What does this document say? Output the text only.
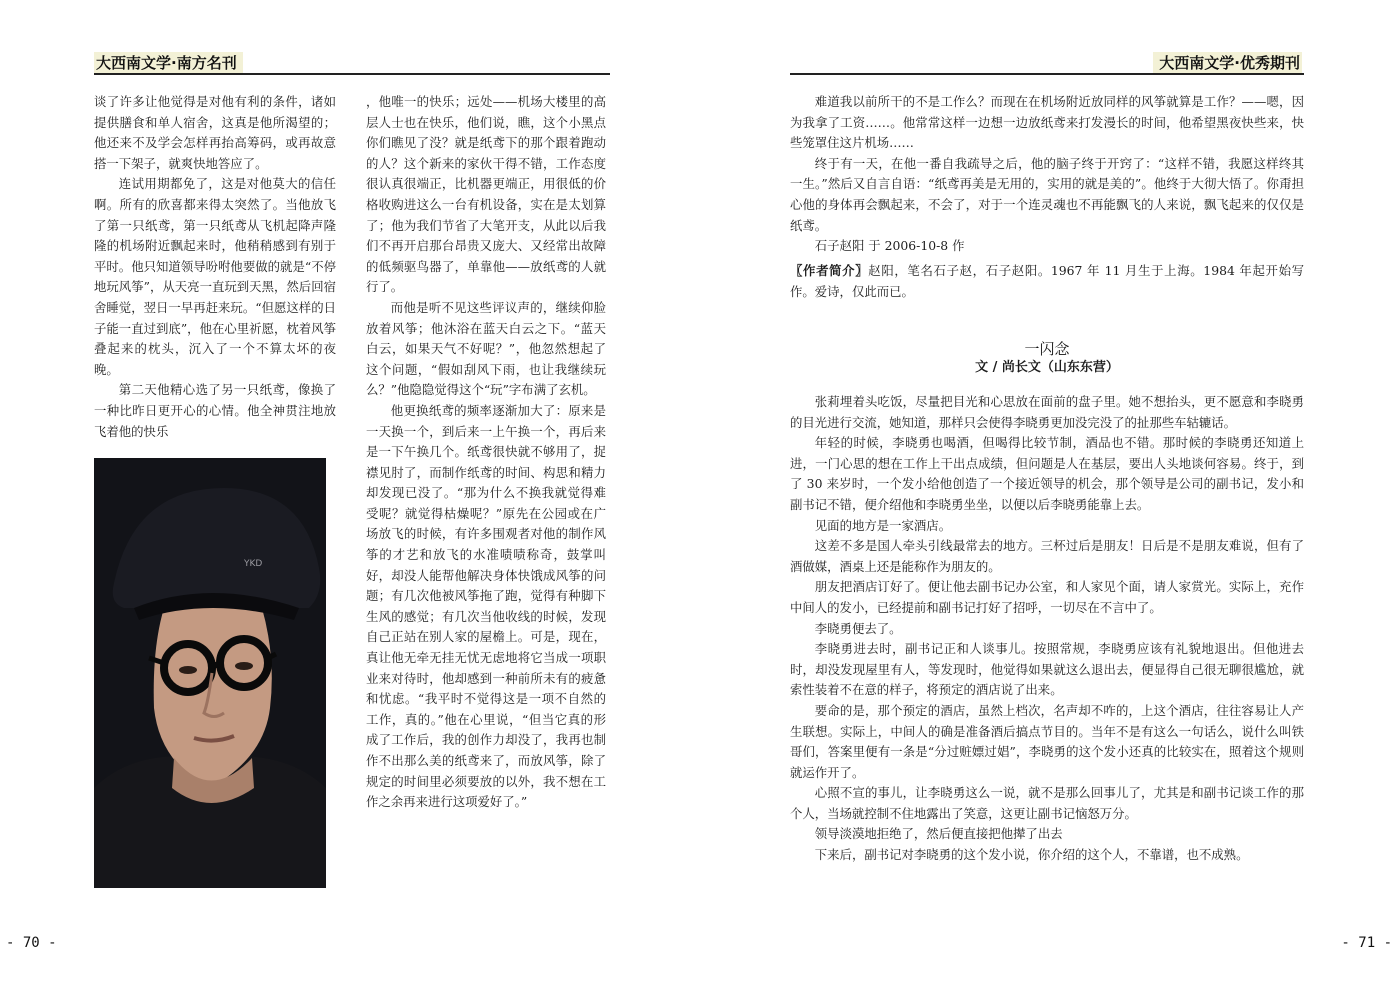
大西南文学·南方名刊	大西南文学·优秀期刊

谈了许多让他觉得是对他有利的条件，诸如提供膳食和单人宿舍，这真是他所渴望的；他还来不及学会怎样再抬高筹码，或再故意搭一下架子，就爽快地答应了。

连试用期都免了，这是对他莫大的信任啊。所有的欣喜都来得太突然了。当他放飞了第一只纸鸢，第一只纸鸢从飞机起降声隆隆的机场附近飘起来时，他稍稍感到有别于平时。他只知道领导吩咐他要做的就是“不停地玩风筝”，从天亮一直玩到天黑，然后回宿舍睡觉，翌日一早再赶来玩。“但愿这样的日子能一直过到底”，他在心里祈愿，枕着风筝叠起来的枕头，沉入了一个不算太坏的夜晚。

第二天他精心选了另一只纸鸢，像换了一种比昨日更开心的心情。他全神贯注地放飞着他的快乐

YKD

，他唯一的快乐；远处——机场大楼里的高层人士也在快乐，他们说，瞧，这个小黑点你们瞧见了没？就是纸鸢下的那个跟着跑动的人？这个新来的家伙干得不错，工作态度很认真很端正，比机器更端正，用很低的价格收购进这么一台有机设备，实在是太划算了；他为我们节省了大笔开支，从此以后我们不再开启那台昂贵又庞大、又经常出故障的低频驱鸟器了，单靠他——放纸鸢的人就行了。

而他是听不见这些评议声的，继续仰脸放着风筝；他沐浴在蓝天白云之下。“蓝天白云，如果天气不好呢？”，他忽然想起了这个问题，“假如刮风下雨，也让我继续玩么？”他隐隐觉得这个“玩”字布满了玄机。

他更换纸鸢的频率逐渐加大了：原来是一天换一个，到后来一上午换一个，再后来是一下午换几个。纸鸢很快就不够用了，捉襟见肘了，而制作纸鸢的时间、构思和精力却发现已没了。“那为什么不换我就觉得难受呢？就觉得枯燥呢？”原先在公园或在广场放飞的时候，有许多围观者对他的制作风筝的才艺和放飞的水准啧啧称奇，鼓掌叫好，却没人能帮他解决身体快饿成风筝的问题；有几次他被风筝拖了跑，觉得有种脚下生风的感觉；有几次当他收线的时候，发现自己正站在别人家的屋檐上。可是，现在，真让他无牵无挂无忧无虑地将它当成一项职业来对待时，他却感到一种前所未有的疲惫和忧虑。“我平时不觉得这是一项不自然的工作，真的。”他在心里说，“但当它真的形成了工作后，我的创作力却没了，我再也制作不出那么美的纸鸢来了，而放风筝，除了规定的时间里必须要放的以外，我不想在工作之余再来进行这项爱好了。”

难道我以前所干的不是工作么？而现在在机场附近放同样的风筝就算是工作？——嗯，因为我拿了工资……。他常常这样一边想一边放纸鸢来打发漫长的时间，他希望黑夜快些来，快些笼罩住这片机场……

终于有一天，在他一番自我疏导之后，他的脑子终于开窍了：“这样不错，我愿这样终其一生。”然后又自言自语：“纸鸢再美是无用的，实用的就是美的”。他终于大彻大悟了。你甭担心他的身体再会飘起来，不会了，对于一个连灵魂也不再能飘飞的人来说，飘飞起来的仅仅是纸鸢。

石子赵阳 于 2006-10-8 作

〖作者简介〗赵阳，笔名石子赵，石子赵阳。1967 年 11 月生于上海。1984 年起开始写作。爱诗，仅此而已。

一闪念
文 / 尚长文（山东东营）

张莉埋着头吃饭，尽量把目光和心思放在面前的盘子里。她不想抬头，更不愿意和李晓勇的目光进行交流，她知道，那样只会使得李晓勇更加没完没了的扯那些车轱辘话。

年轻的时候，李晓勇也喝酒，但喝得比较节制，酒品也不错。那时候的李晓勇还知道上进，一门心思的想在工作上干出点成绩，但问题是人在基层，要出人头地谈何容易。终于，到了 30 来岁时，一个发小给他创造了一个接近领导的机会，那个领导是公司的副书记，发小和副书记不错，便介绍他和李晓勇坐坐，以便以后李晓勇能靠上去。

见面的地方是一家酒店。

这差不多是国人牵头引线最常去的地方。三杯过后是朋友！日后是不是朋友难说，但有了酒做媒，酒桌上还是能称作为朋友的。

朋友把酒店订好了。便让他去副书记办公室，和人家见个面，请人家赏光。实际上，充作中间人的发小，已经提前和副书记打好了招呼，一切尽在不言中了。

李晓勇便去了。

李晓勇进去时，副书记正和人谈事儿。按照常规，李晓勇应该有礼貌地退出。但他进去时，却没发现屋里有人，等发现时，他觉得如果就这么退出去，便显得自己很无聊很尴尬，就索性装着不在意的样子，将预定的酒店说了出来。

要命的是，那个预定的酒店，虽然上档次，名声却不咋的，上这个酒店，往往容易让人产生联想。实际上，中间人的确是准备酒后搞点节目的。当年不是有这么一句话么，说什么叫铁哥们，答案里便有一条是“分过赃嫖过娼”，李晓勇的这个发小还真的比较实在，照着这个规则就运作开了。

心照不宣的事儿，让李晓勇这么一说，就不是那么回事儿了，尤其是和副书记谈工作的那个人，当场就控制不住地露出了笑意，这更让副书记恼怒万分。

领导淡漠地拒绝了，然后便直接把他撵了出去

下来后，副书记对李晓勇的这个发小说，你介绍的这个人，不靠谱，也不成熟。

- 70 -	- 71 -
